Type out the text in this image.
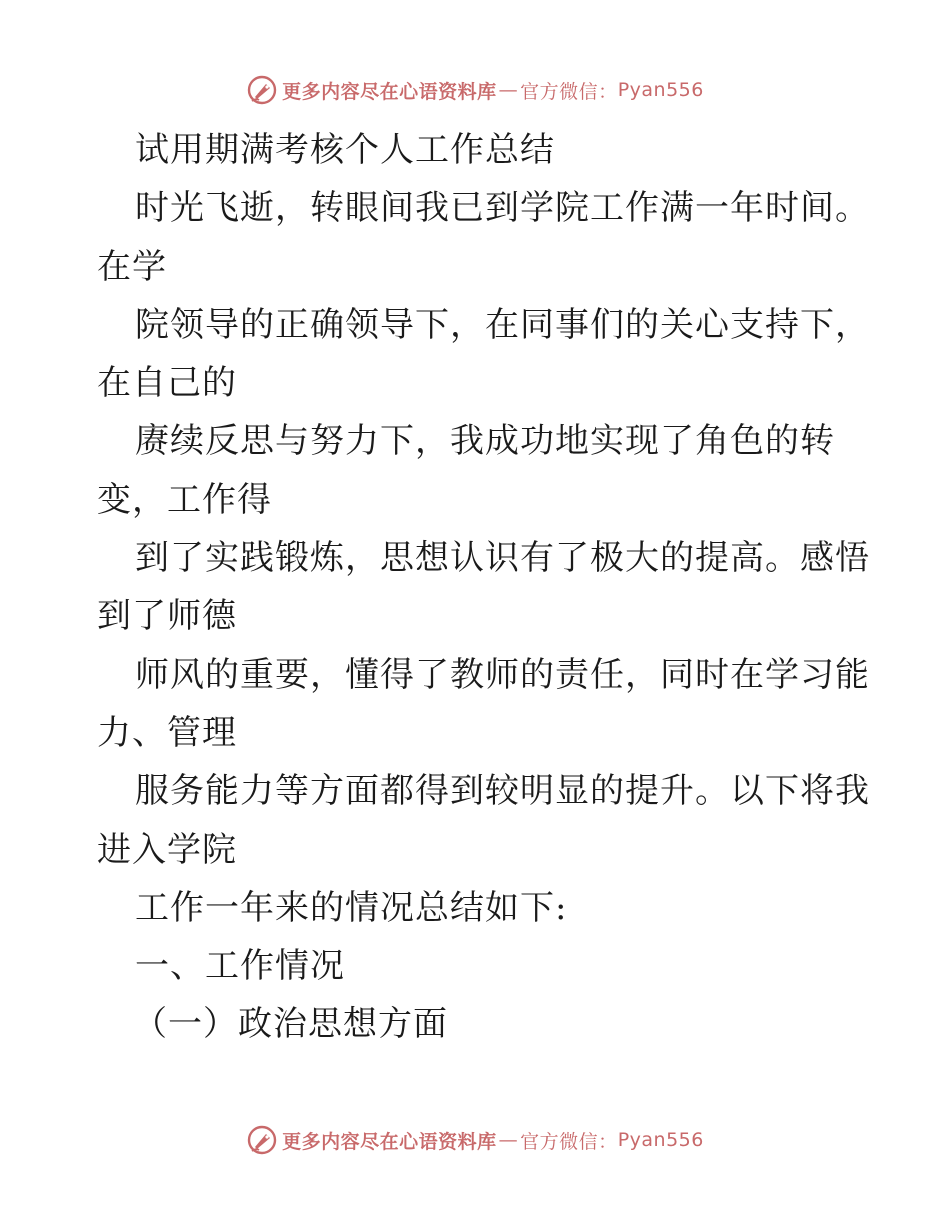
更多内容尽在心语资料库 — 官方微信： Pyan556
试用期满考核个人工作总结
时光飞逝，转眼间我已到学院工作满一年时间。
在学
院领导的正确领导下，在同事们的关心支持下，
在自己的
赓续反思与努力下，我成功地实现了角色的转
变，工作得
到了实践锻炼，思想认识有了极大的提高。感悟
到了师德
师风的重要，懂得了教师的责任，同时在学习能
力、管理
服务能力等方面都得到较明显的提升。以下将我
进入学院
工作一年来的情况总结如下:
一、工作情况
（一）政治思想方面
更多内容尽在心语资料库 — 官方微信： Pyan556
